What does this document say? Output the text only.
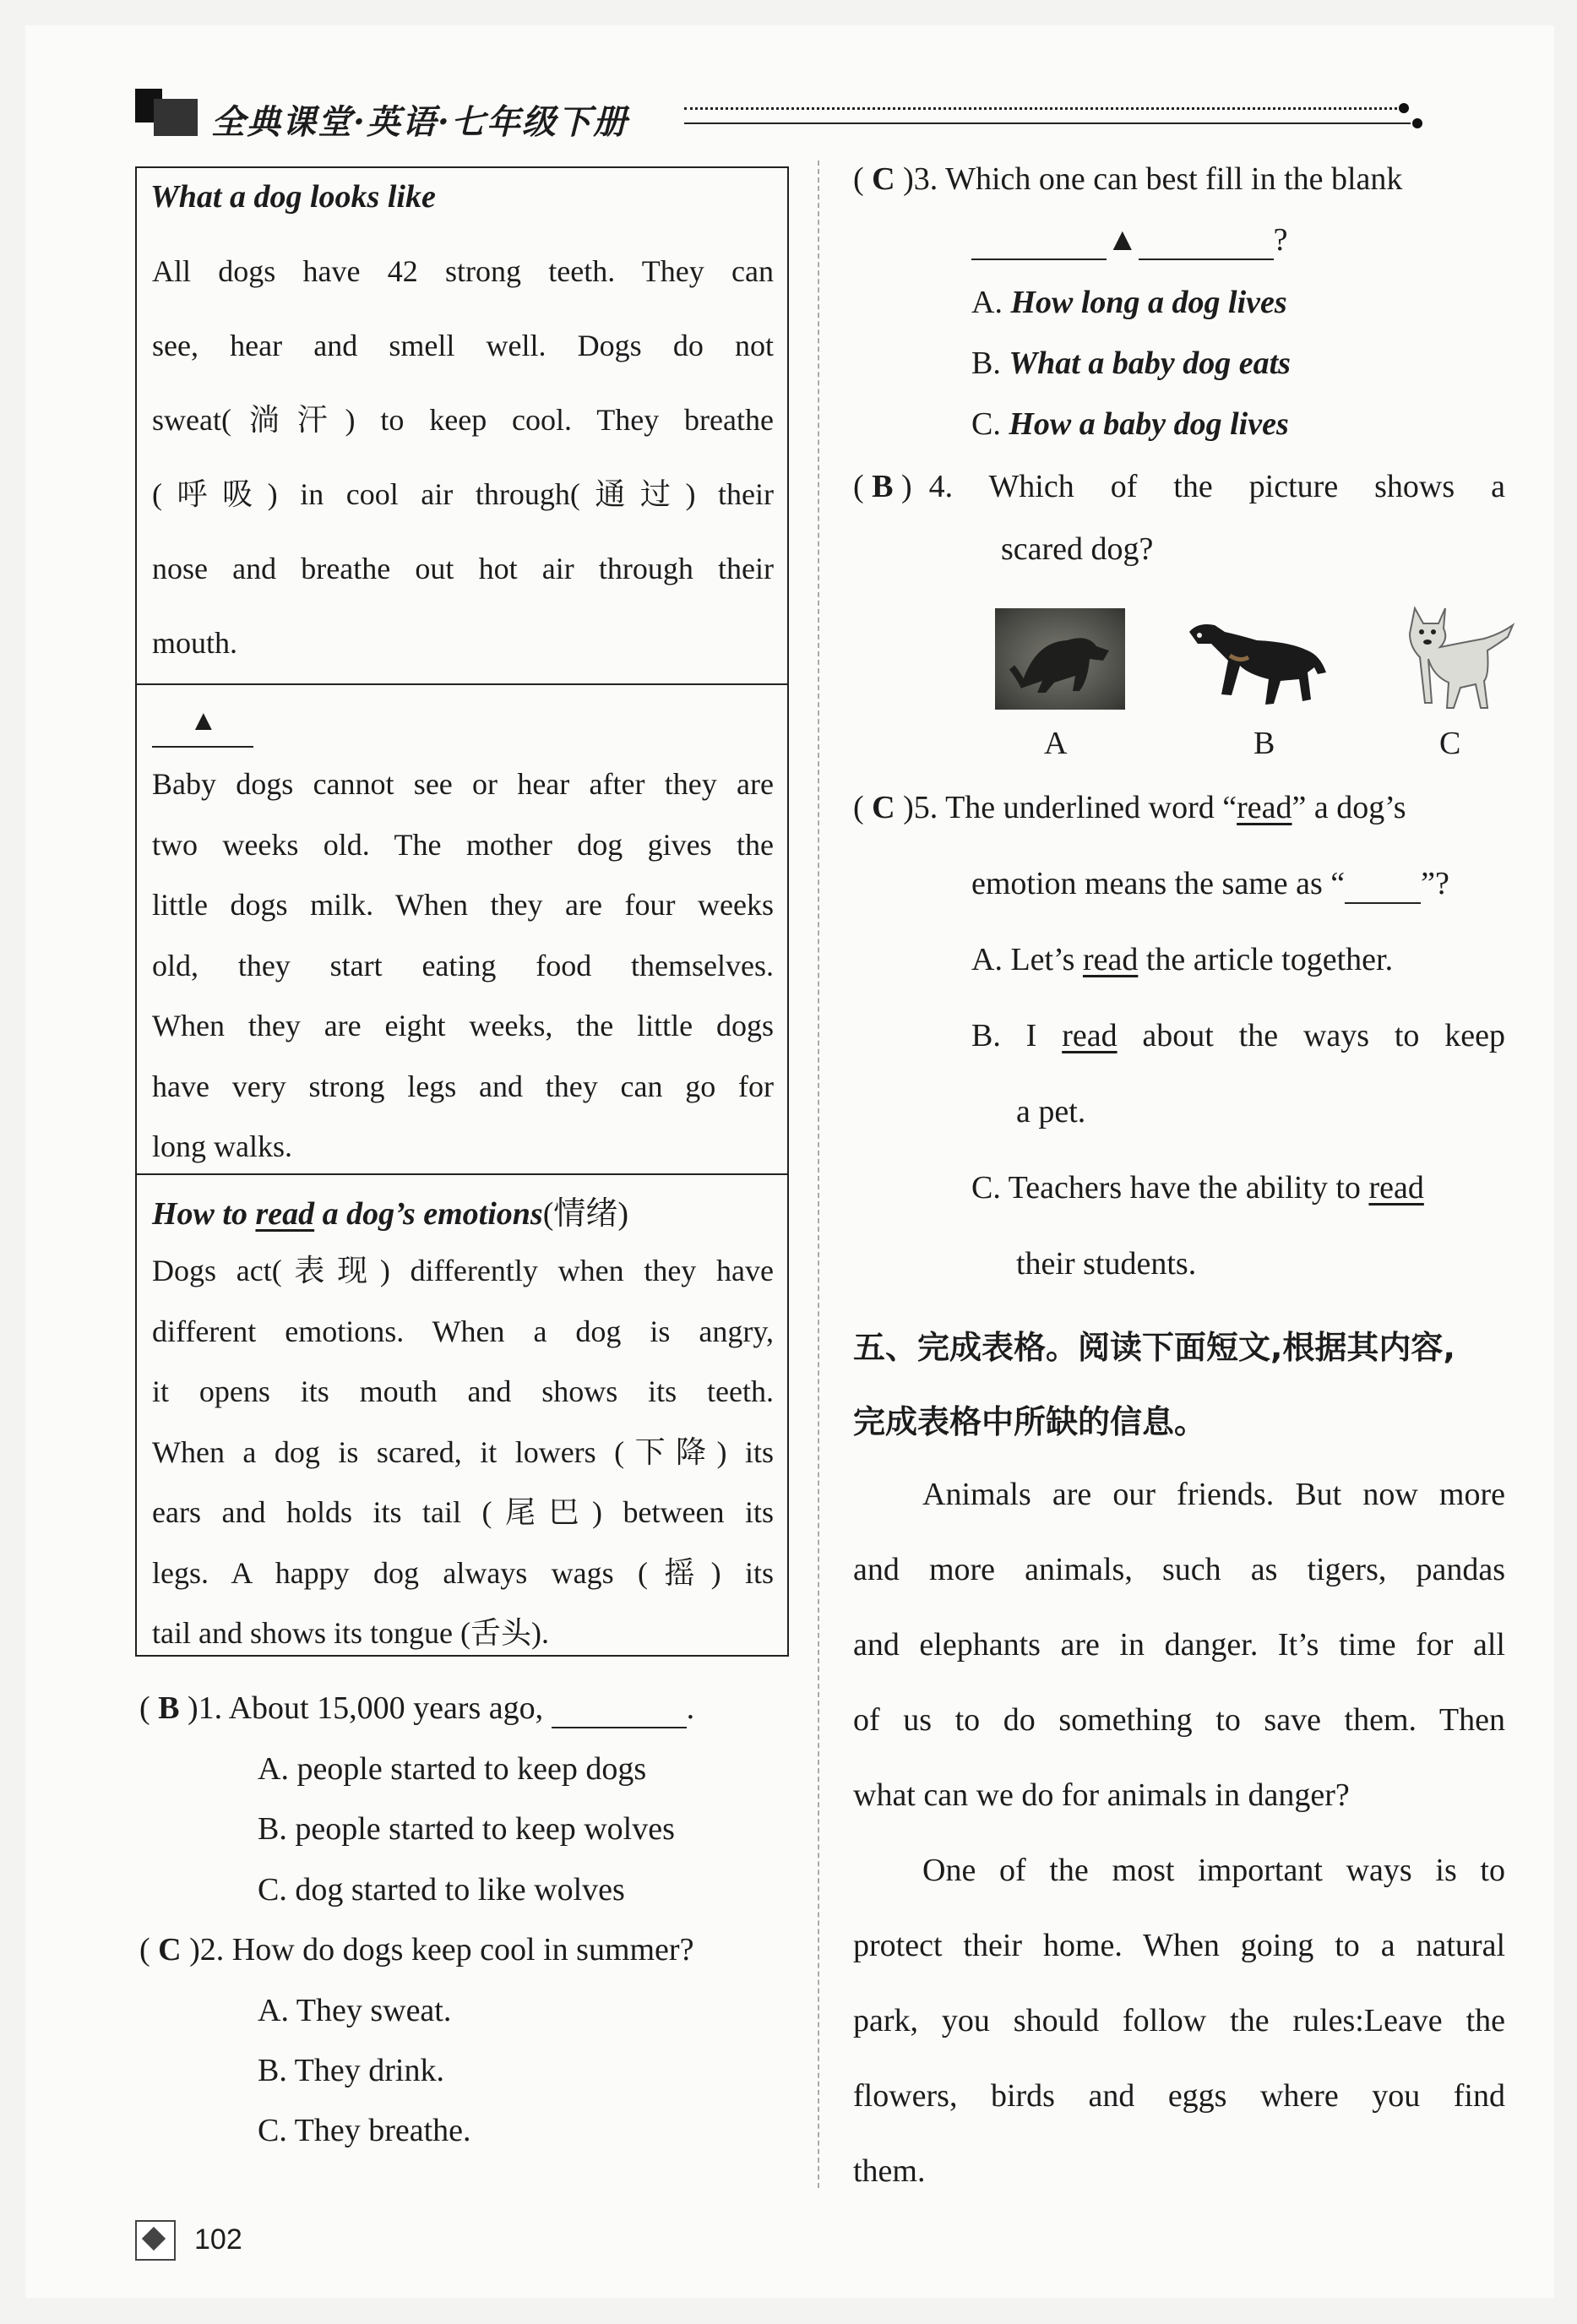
全典课堂·英语·七年级下册
What a dog looks like
All dogs have 42 strong teeth. They can
see, hear and smell well. Dogs do not
sweat(淌汗) to keep cool. They breathe
(呼吸) in cool air through(通过) their
nose and breathe out hot air through their
mouth.
▲
Baby dogs cannot see or hear after they are
two weeks old. The mother dog gives the
little dogs milk. When they are four weeks
old, they start eating food themselves.
When they are eight weeks, the little dogs
have very strong legs and they can go for
long walks.
How to read a dog’s emotions(情绪)
Dogs act(表现) differently when they have
different emotions. When a dog is angry,
it opens its mouth and shows its teeth.
When a dog is scared, it lowers (下降) its
ears and holds its tail (尾巴) between its
legs. A happy dog always wags (摇) its
tail and shows its tongue (舌头).
( B )1. About 15,000 years ago,	.
A. people started to keep dogs
B. people started to keep wolves
C. dog started to like wolves
( C )2. How do dogs keep cool in summer?
A. They sweat.
B. They drink.
C. They breathe.
( C )3. Which one can best fill in the blank
▲	?
A. How long a dog lives
B. What a baby dog eats
C. How a baby dog lives
( B ) 4. Which of the picture shows a
scared dog?
A	B	C
( C )5. The underlined word “read” a dog’s
emotion means the same as “ ”?
A. Let’s read the article together.
B. I read about the ways to keep
a pet.
C. Teachers have the ability to read
their students.
五、完成表格。阅读下面短文,根据其内容,
完成表格中所缺的信息。
Animals are our friends. But now more
and more animals, such as tigers, pandas
and elephants are in danger. It’s time for all
of us to do something to save them. Then
what can we do for animals in danger?
One of the most important ways is to
protect their home. When going to a natural
park, you should follow the rules:Leave the
flowers, birds and eggs where you find
them.
102
